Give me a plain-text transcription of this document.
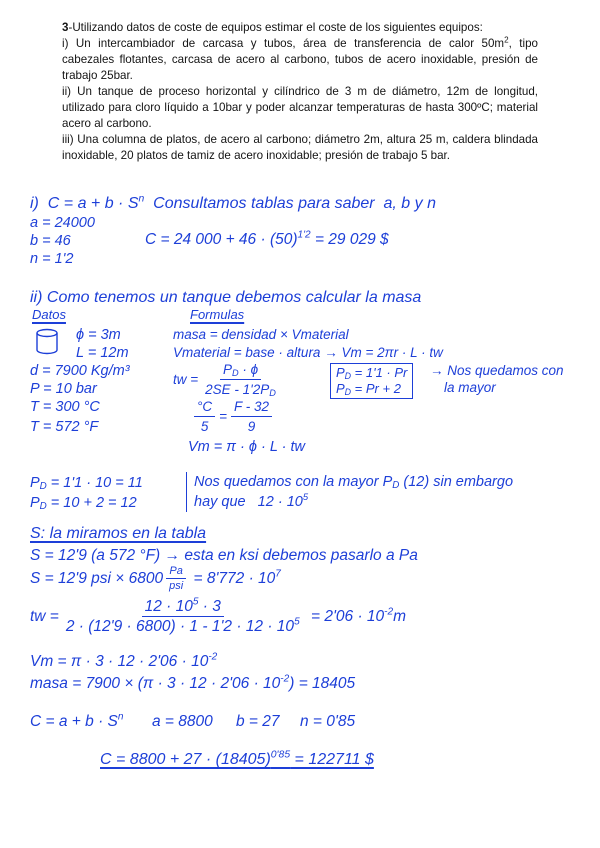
3-Utilizando datos de coste de equipos estimar el coste de los siguientes equipos:

i) Un intercambiador de carcasa y tubos, área de transferencia de calor $50m^2$, tipo cabezales flotantes, carcasa de acero al carbono, tubos de acero inoxidable, presión de trabajo 25bar.

ii) Un tanque de proceso horizontal y cilíndrico de 3 m de diámetro, 12m de longitud, utilizado para cloro líquido a 10bar y poder alcanzar temperaturas de hasta 300ºC; material acero al carbono.

iii) Una columna de platos, de acero al carbono; diámetro 2m, altura 25 m, caldera blindada inoxidable, 20 platos de tamiz de acero inoxidable; presión de trabajo 5 bar.

i)  $C = a + b \cdot S^n$  Consultamos tablas para saber  a, b y n
a = 24000
b = 46
n = 1'2
C = 24 $000 + 46 \cdot (50)^{1'2} = 29$ 029 $
ii) Como tenemos un tanque debemos calcular la masa
Datos	Formulas
ϕ = 3m
L = 12m
d = 7900 Kg/m³
P = 10 bar
T = 300 °C
T = 572 °F
masa = densidad × Vmaterial
Vmaterial = base · altura → Vm = 2πr · L · tw
tw = $\frac{P_D \cdot \phi}{2SE - 1'2P_D}$	$P_D = 1'1 \cdot Pr$
$P_D = Pr + 2$
→ Nos quedamos con
la mayor
$\frac{^\circ C}{5} = \frac{F - 32}{9}$
Vm = π · ϕ · L · tw
$P_D = 1'1 \cdot 10 = 11$
$P_D = 10 + 2 = 12$
Nos quedamos con la mayor $P_D$ (12) sin embargo
hay que   $12 \cdot 10^5$
S: la miramos en la tabla
S = 12'9 (a 572 °F) → esta en ksi debemos pasarlo a Pa
S = 12'9 psi × $6800 \frac{Pa}{\text{psi}} = 8'772 \cdot 10^7$
tw = $\frac{12 \cdot 10^5 \cdot 3}{2 \cdot (12'9 \cdot 6800) \cdot 1 - 1'2 \cdot 12 \cdot 10^5} = 2'06 \cdot 10^{-2}m$
$Vm = \pi \cdot 3 \cdot 12 \cdot 2'06 \cdot 10^{-2}$
masa = $7900 \times (\pi \cdot 3 \cdot 12 \cdot 2'06 \cdot 10^{-2}) = 18405$
$C = a + b \cdot S^n$ a = 8800 b = 27 n = 0'85
$C = 8800 + 27 \cdot (18405)^{0'85} = 122711$ $
